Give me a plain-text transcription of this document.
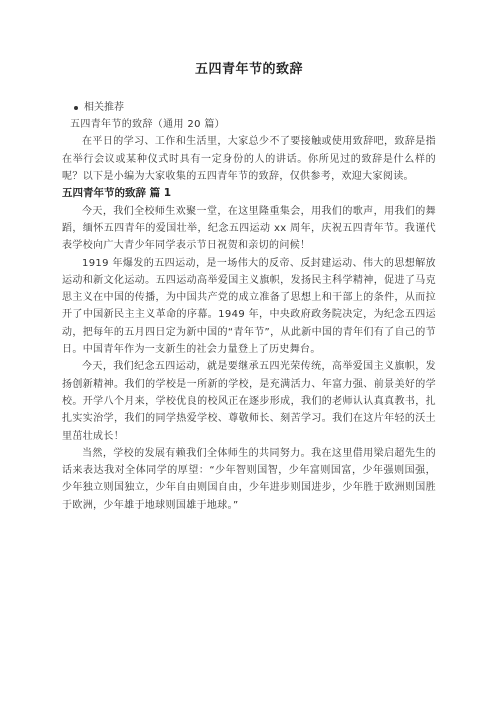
五四青年节的致辞
相关推荐

五四青年节的致辞（通用 20 篇）

在平日的学习、工作和生活里，大家总少不了要接触或使用致辞吧，致辞是指在举行会议或某种仪式时具有一定身份的人的讲话。你所见过的致辞是什么样的呢？以下是小编为大家收集的五四青年节的致辞，仅供参考，欢迎大家阅读。

五四青年节的致辞 篇 1

今天，我们全校师生欢聚一堂，在这里隆重集会，用我们的歌声，用我们的舞蹈，缅怀五四青年的爱国壮举，纪念五四运动 xx 周年，庆祝五四青年节。我谨代表学校向广大青少年同学表示节日祝贺和亲切的问候！

1919 年爆发的五四运动，是一场伟大的反帝、反封建运动、伟大的思想解放运动和新文化运动。五四运动高举爱国主义旗帜，发扬民主科学精神，促进了马克思主义在中国的传播，为中国共产党的成立准备了思想上和干部上的条件，从而拉开了中国新民主主义革命的序幕。1949 年，中央政府政务院决定，为纪念五四运动，把每年的五月四日定为新中国的“青年节”，从此新中国的青年们有了自己的节日。中国青年作为一支新生的社会力量登上了历史舞台。

今天，我们纪念五四运动，就是要继承五四光荣传统，高举爱国主义旗帜，发扬创新精神。我们的学校是一所新的学校，是充满活力、年富力强、前景美好的学校。开学八个月来，学校优良的校风正在逐步形成，我们的老师认认真真教书，扎扎实实治学，我们的同学热爱学校、尊敬师长、刻苦学习。我们在这片年轻的沃土里茁壮成长！

当然，学校的发展有赖我们全体师生的共同努力。我在这里借用梁启超先生的话来表达我对全体同学的厚望：“少年智则国智，少年富则国富，少年强则国强，少年独立则国独立，少年自由则国自由，少年进步则国进步，少年胜于欧洲则国胜于欧洲，少年雄于地球则国雄于地球。”
